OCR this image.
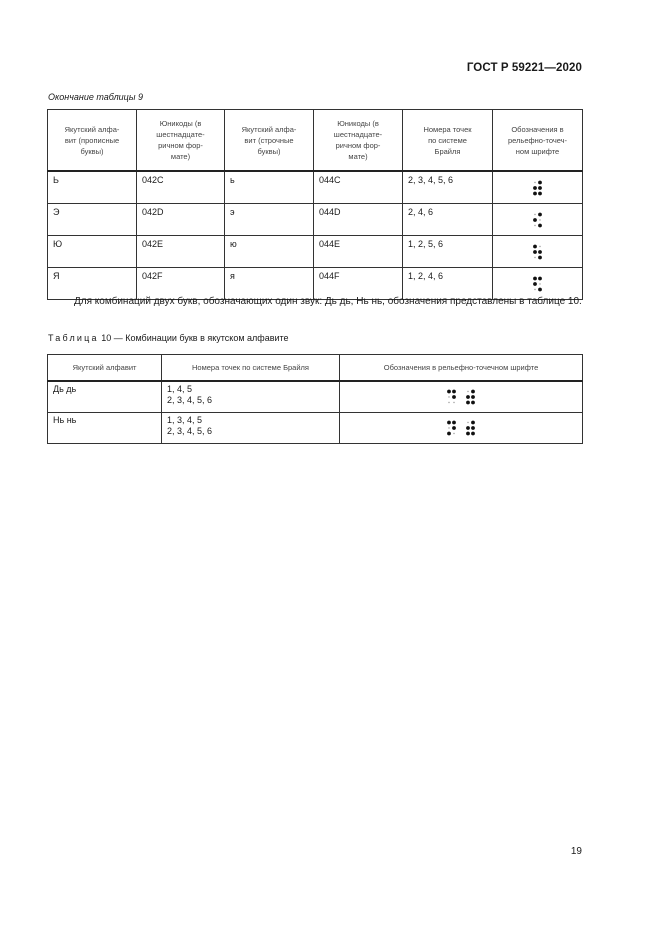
ГОСТ Р 59221—2020
Окончание таблицы 9
Якутский алфа-
вит (прописные
буквы)	Юникоды (в
шестнадцате-
ричном фор-
мате)	Якутский алфа-
вит (строчные
буквы)	Юникоды (в
шестнадцате-
ричном фор-
мате)	Номера точек
по системе
Брайля	Обозначения в
рельефно-точеч-
ном шрифте
Ь	042C	ь	044C	2, 3, 4, 5, 6	
Э	042D	э	044D	2, 4, 6	
Ю	042E	ю	044E	1, 2, 5, 6	
Я	042F	я	044F	1, 2, 4, 6	
Для комбинаций двух букв, обозначающих один звук: Дь дь, Нь нь, обозначения представлены в таблице 10.
Таблица 10 — Комбинации букв в якутском алфавите
Якутский алфавит	Номера точек по системе Брайля	Обозначения в рельефно-точечном шрифте
Дь дь	1, 4, 5
2, 3, 4, 5, 6	
Нь нь	1, 3, 4, 5
2, 3, 4, 5, 6	
19
